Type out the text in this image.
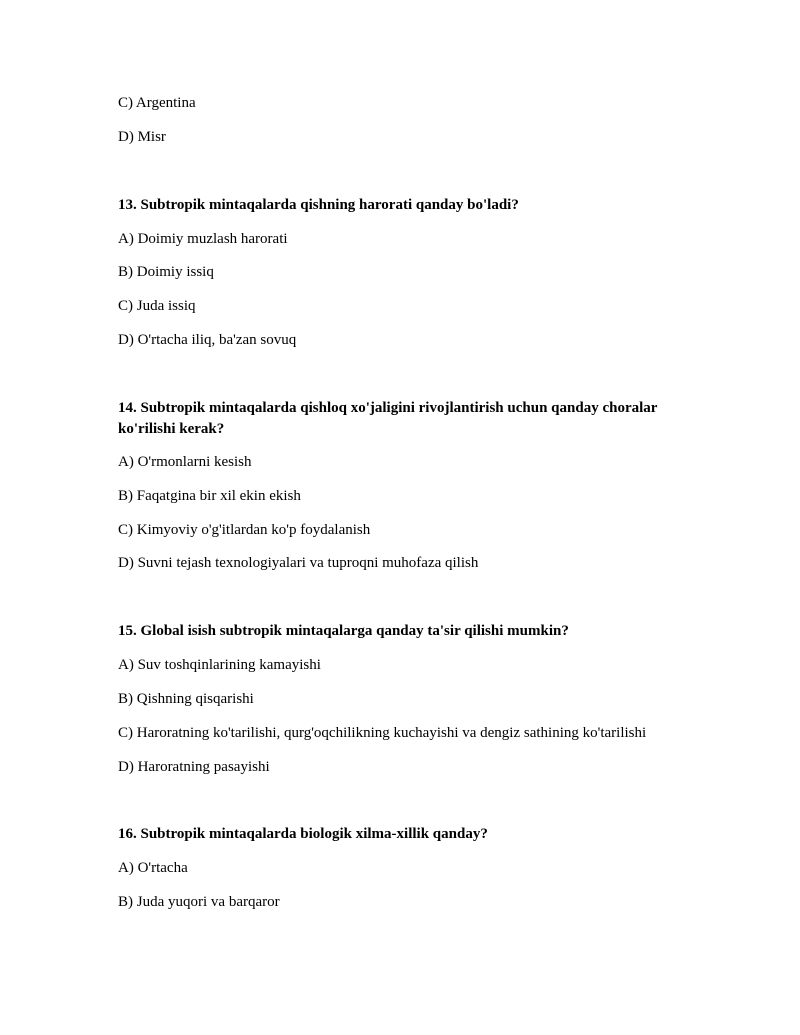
C) Argentina
D) Misr
13. Subtropik mintaqalarda qishning harorati qanday bo'ladi?
A) Doimiy muzlash harorati
B) Doimiy issiq
C) Juda issiq
D) O'rtacha iliq, ba'zan sovuq
14. Subtropik mintaqalarda qishloq xo'jaligini rivojlantirish uchun qanday choralar ko'rilishi kerak?
A) O'rmonlarni kesish
B) Faqatgina bir xil ekin ekish
C) Kimyoviy o'g'itlardan ko'p foydalanish
D) Suvni tejash texnologiyalari va tuproqni muhofaza qilish
15. Global isish subtropik mintaqalarga qanday ta'sir qilishi mumkin?
A) Suv toshqinlarining kamayishi
B) Qishning qisqarishi
C) Haroratning ko'tarilishi, qurg'oqchilikning kuchayishi va dengiz sathining ko'tarilishi
D) Haroratning pasayishi
16. Subtropik mintaqalarda biologik xilma-xillik qanday?
A) O'rtacha
B) Juda yuqori va barqaror
